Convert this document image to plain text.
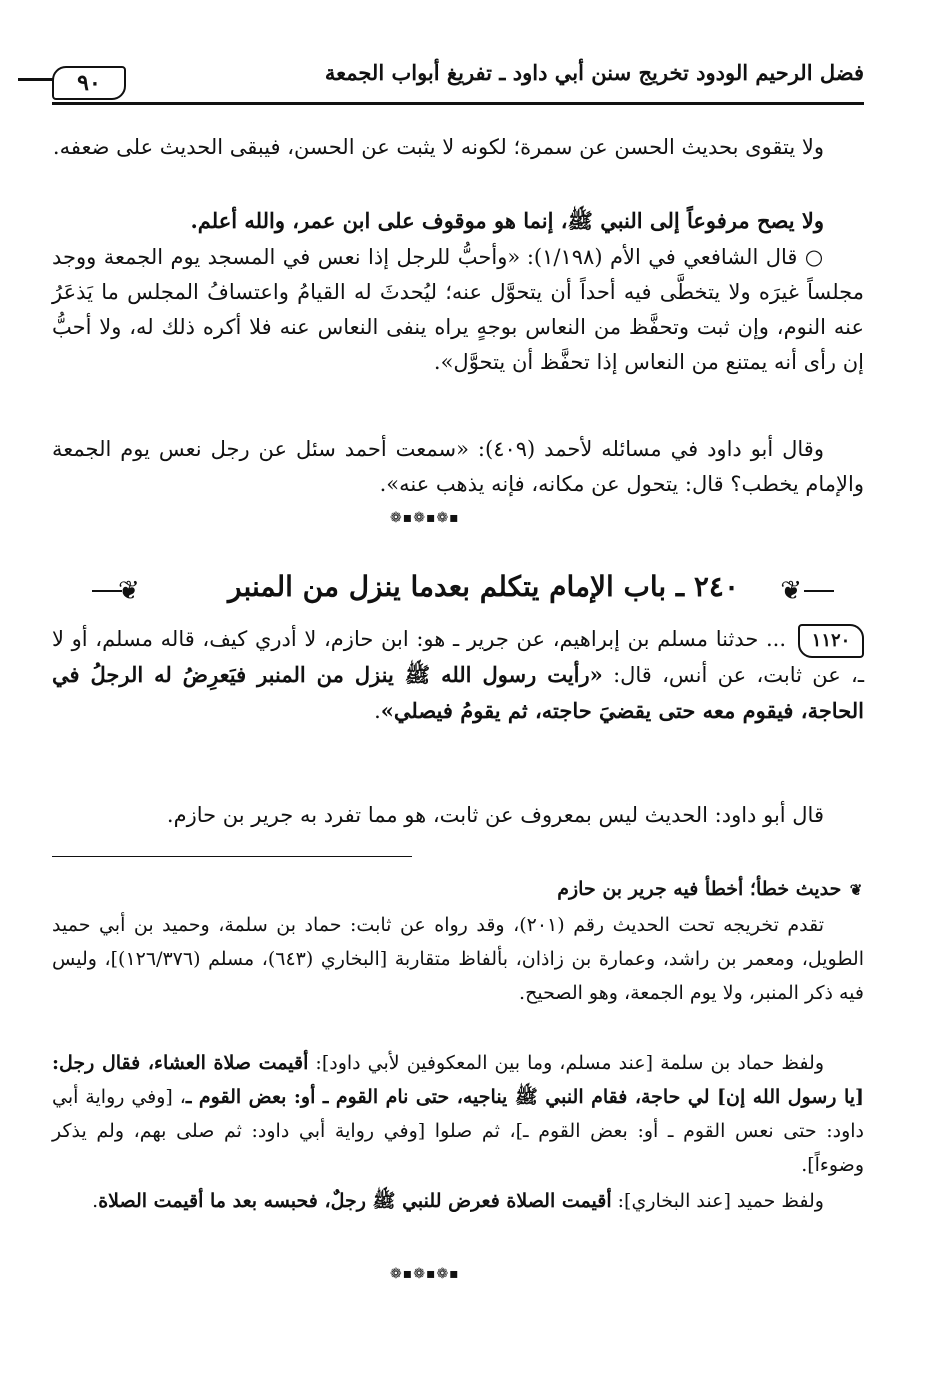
فضل الرحيم الودود تخريج سنن أبي داود ـ تفريغ أبواب الجمعة
٩٠
ولا يتقوى بحديث الحسن عن سمرة؛ لكونه لا يثبت عن الحسن، فيبقى الحديث على ضعفه.
ولا يصح مرفوعاً إلى النبي ﷺ، إنما هو موقوف على ابن عمر، والله أعلم.
○ قال الشافعي في الأم (١/١٩٨): «وأحبُّ للرجل إذا نعس في المسجد يوم الجمعة ووجد مجلساً غيرَه ولا يتخطَّى فيه أحداً أن يتحوَّل عنه؛ ليُحدثَ له القيامُ واعتسافُ المجلس ما يَذعَرُ عنه النوم، وإن ثبت وتحفَّظ من النعاس بوجهٍ يراه ينفى النعاس عنه فلا أكره ذلك له، ولا أحبُّ إن رأى أنه يمتنع من النعاس إذا تحفَّظ أن يتحوَّل».
وقال أبو داود في مسائله لأحمد (٤٠٩): «سمعت أحمد سئل عن رجل نعس يوم الجمعة والإمام يخطب؟ قال: يتحول عن مكانه، فإنه يذهب عنه».
❁▪❁▪❁▪
❦
٢٤٠ ـ باب الإمام يتكلم بعدما ينزل من المنبر
❦
١١٢٠
... حدثنا مسلم بن إبراهيم، عن جرير ـ هو: ابن حازم، لا أدري كيف، قاله مسلم، أو لا ـ، عن ثابت، عن أنس، قال: «رأيت رسول الله ﷺ ينزل من المنبر فيَعرِضُ له الرجلُ في الحاجة، فيقوم معه حتى يقضيَ حاجته، ثم يقومُ فيصلي».
قال أبو داود: الحديث ليس بمعروف عن ثابت، هو مما تفرد به جرير بن حازم.
❦ حديث خطأ؛ أخطأ فيه جرير بن حازم
تقدم تخريجه تحت الحديث رقم (٢٠١)، وقد رواه عن ثابت: حماد بن سلمة، وحميد بن أبي حميد الطويل، ومعمر بن راشد، وعمارة بن زاذان، بألفاظ متقاربة [البخاري (٦٤٣)، مسلم (١٢٦/٣٧٦)]، وليس فيه ذكر المنبر، ولا يوم الجمعة، وهو الصحيح.
ولفظ حماد بن سلمة [عند مسلم، وما بين المعكوفين لأبي داود]: أقيمت صلاة العشاء، فقال رجل: [يا رسول الله إن] لي حاجة، فقام النبي ﷺ يناجيه، حتى نام القوم ـ أو: بعض القوم ـ، [وفي رواية أبي داود: حتى نعس القوم ـ أو: بعض القوم ـ]، ثم صلوا [وفي رواية أبي داود: ثم صلى بهم، ولم يذكر وضوءاً].
ولفظ حميد [عند البخاري]: أقيمت الصلاة فعرض للنبي ﷺ رجلٌ، فحبسه بعد ما أقيمت الصلاة.
❁▪❁▪❁▪
